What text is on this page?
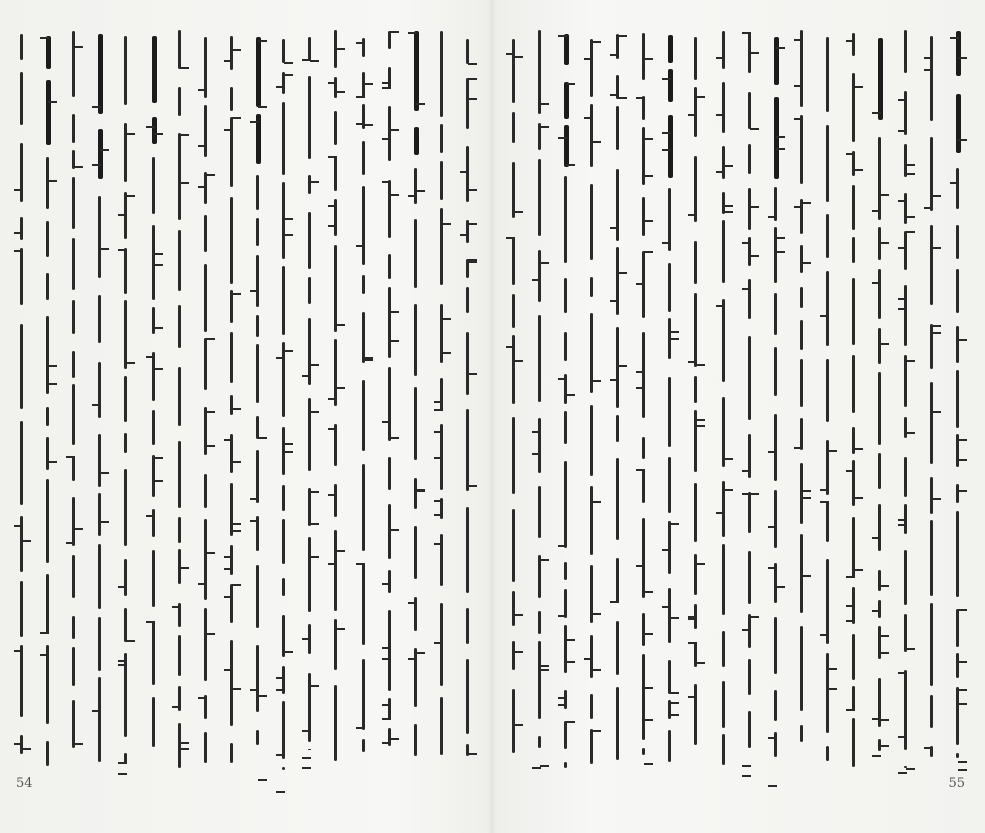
54	55
